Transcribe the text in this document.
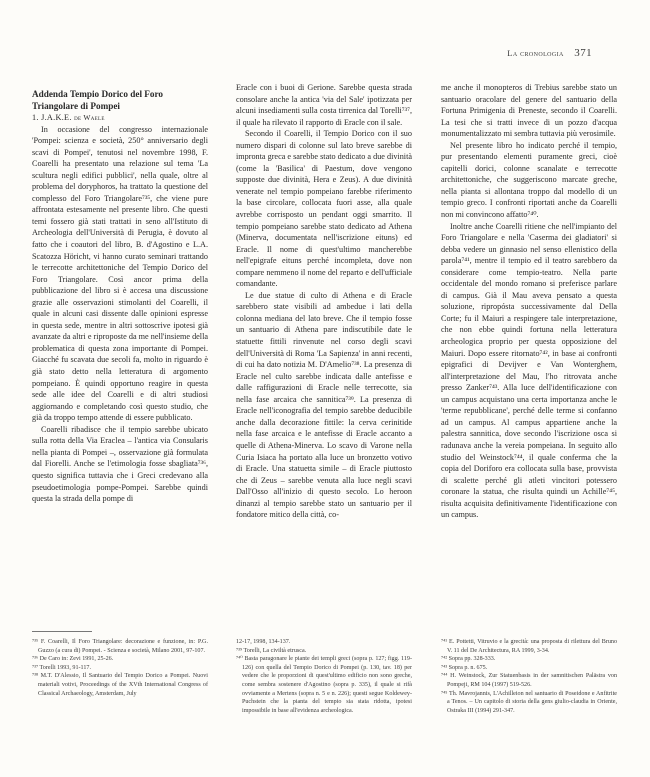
La cronologia 371

Addenda Tempio Dorico del Foro Triangolare di Pompei

1. J.A.K.E. de Waele

In occasione del congresso internazionale 'Pompei: scienza e società, 250° anniversario degli scavi di Pompei', tenutosi nel novembre 1998, F. Coarelli ha presentato una relazione sul tema 'La scultura negli edifici pubblici', nella quale, oltre al problema del doryphoros, ha trattato la questione del complesso del Foro Triangolare⁷³⁵, che viene pure affrontata estesamente nel presente libro. Che questi temi fossero già stati trattati in seno all'Istituto di Archeologia dell'Università di Perugia, è dovuto al fatto che i coautori del libro, B. d'Agostino e L.A. Scatozza Höricht, vi hanno curato seminari trattando le terrecotte architettoniche del Tempio Dorico del Foro Triangolare. Così ancor prima della pubblicazione del libro si è accesa una discussione grazie alle osservazioni stimolanti del Coarelli, il quale in alcuni casi dissente dalle opinioni espresse in questa sede, mentre in altri sottoscrive ipotesi già avanzate da altri e riproposte da me nell'insieme della problematica di questa zona importante di Pompei. Giacché fu scavata due secoli fa, molto in riguardo è già stato detto nella letteratura di argomento pompeiano. È quindi opportuno reagire in questa sede alle idee del Coarelli e di altri studiosi aggiornando e completando così questo studio, che già da troppo tempo attende di essere pubblicato.

Coarelli ribadisce che il tempio sarebbe ubicato sulla rotta della Via Eraclea – l'antica via Consularis nella pianta di Pompei –, osservazione già formulata dal Fiorelli. Anche se l'etimologia fosse sbagliata⁷³⁶, questo significa tuttavia che i Greci credevano alla pseudoetimologia pompe-Pompei. Sarebbe quindi questa la strada della pompe di

Eracle con i buoi di Gerione. Sarebbe questa strada consolare anche la antica 'via del Sale' ipotizzata per alcuni insediamenti sulla costa tirrenica dal Torelli⁷³⁷, il quale ha rilevato il rapporto di Eracle con il sale.

Secondo il Coarelli, il Tempio Dorico con il suo numero dispari di colonne sul lato breve sarebbe di impronta greca e sarebbe stato dedicato a due divinità (come la 'Basilica' di Paestum, dove vengono supposte due divinità, Hera e Zeus). A due divinità venerate nel tempio pompeiano farebbe riferimento la base circolare, collocata fuori asse, alla quale avrebbe corrisposto un pendant oggi smarrito. Il tempio pompeiano sarebbe stato dedicato ad Athena (Minerva, documentata nell'iscrizione eituns) ed Eracle. Il nome di quest'ultimo mancherebbe nell'epigrafe eituns perché incompleta, dove non compare nemmeno il nome del reparto e dell'ufficiale comandante.

Le due statue di culto di Athena e di Eracle sarebbero state visibili ad ambedue i lati della colonna mediana del lato breve. Che il tempio fosse un santuario di Athena pare indiscutibile date le statuette fittili rinvenute nel corso degli scavi dell'Università di Roma 'La Sapienza' in anni recenti, di cui ha dato notizia M. D'Amelio⁷³⁸. La presenza di Eracle nel culto sarebbe indicata dalle antefisse e dalle raffigurazioni di Eracle nelle terrecotte, sia nella fase arcaica che sannitica⁷³⁹. La presenza di Eracle nell'iconografia del tempio sarebbe deducibile anche dalla decorazione fittile: la cerva cerinitide nella fase arcaica e le antefisse di Eracle accanto a quelle di Athena-Minerva. Lo scavo di Varone nella Curia Isiaca ha portato alla luce un bronzetto votivo di Eracle. Una statuetta simile – di Eracle piuttosto che di Zeus – sarebbe venuta alla luce negli scavi Dall'Osso all'inizio di questo secolo. Lo heroon dinanzi al tempio sarebbe stato un santuario per il fondatore mitico della città, co-

me anche il monopteros di Trebius sarebbe stato un santuario oracolare del genere del santuario della Fortuna Primigenia di Preneste, secondo il Coarelli. La tesi che si tratti invece di un pozzo d'acqua monumentalizzato mi sembra tuttavia più verosimile.

Nel presente libro ho indicato perché il tempio, pur presentando elementi puramente greci, cioè capitelli dorici, colonne scanalate e terrecotte architettoniche, che suggeriscono marcate greche, nella pianta si allontana troppo dal modello di un tempio greco. I confronti riportati anche da Coarelli non mi convincono affatto⁷⁴⁰.

Inoltre anche Coarelli ritiene che nell'impianto del Foro Triangolare e nella 'Caserma dei gladiatori' si debba vedere un ginnasio nel senso ellenistico della parola⁷⁴¹, mentre il tempio ed il teatro sarebbero da considerare come tempio-teatro. Nella parte occidentale del mondo romano si preferisce parlare di campus. Già il Mau aveva pensato a questa soluzione, ripropósta successivamente dal Della Corte; fu il Maiuri a respingere tale interpretazione, che non ebbe quindi fortuna nella letteratura archeologica proprio per questa opposizione del Maiuri. Dopo essere ritornato⁷⁴², in base ai confronti epigrafici di Devijver e Van Wonterghem, all'interpretazione del Mau, l'ho ritrovata anche presso Zanker⁷⁴³. Alla luce dell'identificazione con un campus acquistano una certa importanza anche le 'terme repubblicane', perché delle terme si confanno ad un campus. Al campus appartiene anche la palestra sannitica, dove secondo l'iscrizione osca si radunava anche la vereia pompeiana. In seguito allo studio del Weinstock⁷⁴⁴, il quale conferma che la copia del Doriforo era collocata sulla base, provvista di scalette perché gli atleti vincitori potessero coronare la statua, che risulta quindi un Achille⁷⁴⁵, risulta acquisita definitivamente l'identificazione con un campus.

⁷³⁵ F. Coarelli, Il Foro Triangolare: decorazione e funzione, in: P.G. Guzzo (a cura di) Pompei. - Scienza e società, Milano 2001, 97-107.

⁷³⁶ De Caro in: Zevi 1991, 25-26.

⁷³⁷ Torelli 1993, 91-117.

⁷³⁸ M.T. D'Alessio, Il Santuario del Tempio Dorico a Pompei. Nuovi materiali votivi, Proceedings of the XVth International Congress of Classical Archaeology, Amsterdam, July

12-17, 1998, 134-137.

⁷³⁹ Torelli, La civiltà etrusca.

⁷⁴⁰ Basta paragonare le piante dei templi greci (sopra p. 127; figg. 119-126) con quella del Tempio Dorico di Pompei (p. 130, tav. 18) per vedere che le proporzioni di quest'ultimo edificio non sono greche, come sembra sostenere d'Agostino (sopra p. 335), il quale si rifà ovviamente a Mertens (sopra n. 5 e n. 226); questi segue Koldewey-Puchstein che la pianta del tempio sia stata ridotta, ipotesi impossibile in base all'evidenza archeologica.

⁷⁴¹ E. Pottetti, Vitruvio e la grecità: una proposta di rilettura del Bruno V. 11 del De Architectura, RA 1999, 3-34.

⁷⁴² Sopra pp. 328-333.

⁷⁴³ Sopra p. n. 675.

⁷⁴⁴ H. Weinstock, Zur Statuenbasis in der samnitischen Palästra von Pompeji, RM 104 (1997) 519-526.

⁷⁴⁵ Th. Mavrojannis, L'Achilleion nel santuario di Poseidone e Anfitrite a Tenos. – Un capitolo di storia della gens giulio-claudia in Oriente, Ostraka III (1994) 291-347.
